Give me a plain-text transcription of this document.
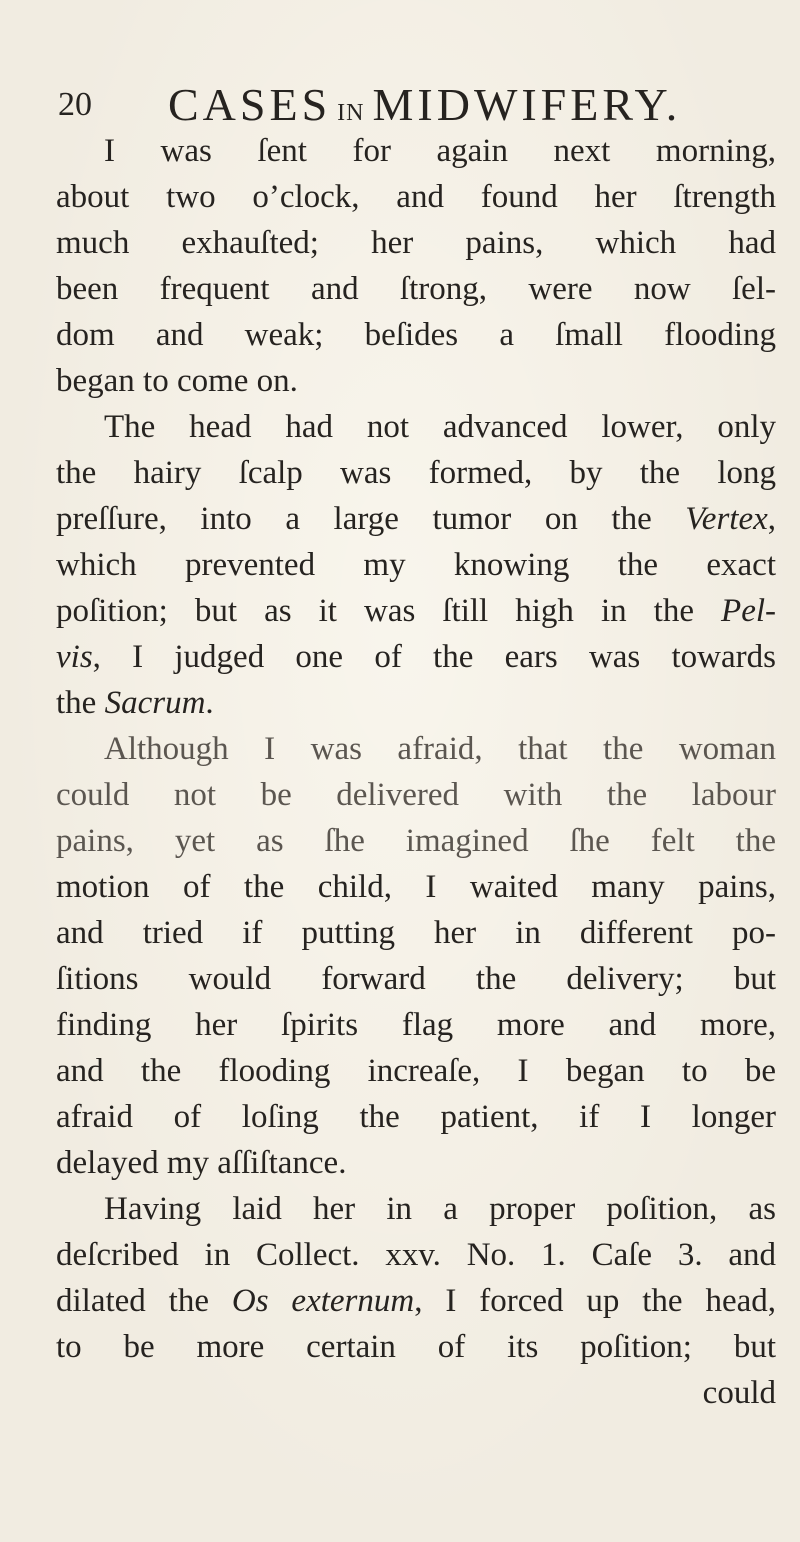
20 CASES IN MIDWIFERY.
I was ſent for again next morning,
about two o’clock, and found her ſtrength
much exhauſted; her pains, which had
been frequent and ſtrong, were now ſel-
dom and weak; beſides a ſmall flooding
began to come on.
The head had not advanced lower, only
the hairy ſcalp was formed, by the long
preſſure, into a large tumor on the Vertex,
which prevented my knowing the exact
poſition; but as it was ſtill high in the Pel-
vis, I judged one of the ears was towards
the Sacrum.
Although I was afraid, that the woman
could not be delivered with the labour
pains, yet as ſhe imagined ſhe felt the
motion of the child, I waited many pains,
and tried if putting her in different po-
ſitions would forward the delivery; but
finding her ſpirits flag more and more,
and the flooding increaſe, I began to be
afraid of loſing the patient, if I longer
delayed my aſſiſtance.
Having laid her in a proper poſition, as
deſcribed in Collect. xxv. No. 1. Caſe 3. and
dilated the Os externum, I forced up the head,
to be more certain of its poſition; but
could
